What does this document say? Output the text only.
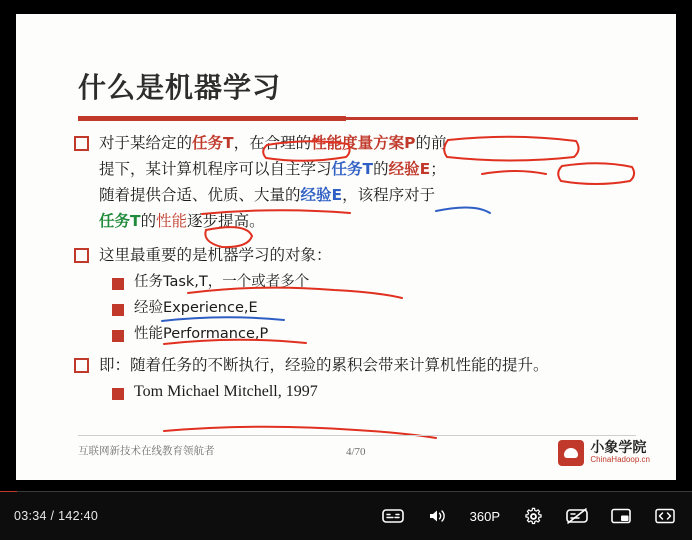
什么是机器学习
对于某给定的任务T，在合理的性能度量方案P的前
提下，某计算机程序可以自主学习任务T的经验E；
随着提供合适、优质、大量的经验E，该程序对于
任务T的性能逐步提高。
这里最重要的是机器学习的对象：
任务Task,T，一个或者多个
经验Experience,E
性能Performance,P
即：随着任务的不断执行，经验的累积会带来计算机性能的提升。
Tom Michael Mitchell, 1997
互联网新技术在线教育领航者	4/70	小象学院
ChinaHadoop.cn
03:34 / 142:40	360P
